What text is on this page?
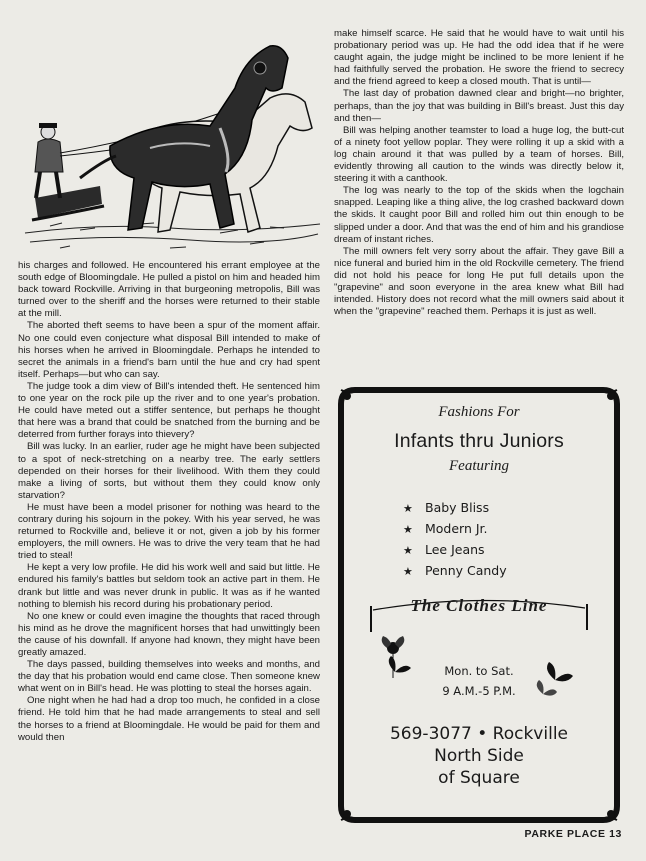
his charges and followed. He encountered his errant employee at the south edge of Bloomingdale. He pulled a pistol on him and headed him back toward Rockville. Arriving in that burgeoning metropolis, Bill was turned over to the sheriff and the horses were returned to their stable at the mill.

The aborted theft seems to have been a spur of the moment affair. No one could even conjecture what disposal Bill intended to make of his horses when he arrived in Bloomingdale. Perhaps he intended to secret the animals in a friend's barn until the hue and cry had spent itself. Perhaps—but who can say.

The judge took a dim view of Bill's intended theft. He sentenced him to one year on the rock pile up the river and to one year's probation. He could have meted out a stiffer sentence, but perhaps he thought that here was a brand that could be snatched from the burning and be deterred from further forays into thievery?

Bill was lucky. In an earlier, ruder age he might have been subjected to a spot of neck-stretching on a nearby tree. The early settlers depended on their horses for their livelihood. With them they could make a living of sorts, but without them they could know only starvation?

He must have been a model prisoner for nothing was heard to the contrary during his sojourn in the pokey. With his year served, he was returned to Rockville and, believe it or not, given a job by his former employers, the mill owners. He was to drive the very team that he had tried to steal!

He kept a very low profile. He did his work well and said but little. He endured his family's battles but seldom took an active part in them. He drank but little and was never drunk in public. It was as if he wanted nothing to blemish his record during his probationary period.

No one knew or could even imagine the thoughts that raced through his mind as he drove the magnificent horses that had unwittingly been the cause of his downfall. If anyone had known, they might have been greatly amazed.

The days passed, building themselves into weeks and months, and the day that his probation would end came close. Then someone knew what went on in Bill's head. He was plotting to steal the horses again.

One night when he had had a drop too much, he confided in a close friend. He told him that he had made arrangements to steal and sell the horses to a friend at Bloomingdale. He would be paid for them and would then

make himself scarce. He said that he would have to wait until his probationary period was up. He had the odd idea that if he were caught again, the judge might be inclined to be more lenient if he had faithfully served the probation. He swore the friend to secrecy and the friend agreed to keep a closed mouth. That is until—

The last day of probation dawned clear and bright—no brighter, perhaps, than the joy that was building in Bill's breast. Just this day and then—

Bill was helping another teamster to load a huge log, the butt-cut of a ninety foot yellow poplar. They were rolling it up a skid with a log chain around it that was pulled by a team of horses. Bill, evidently throwing all caution to the winds was directly below it, steering it with a canthook.

The log was nearly to the top of the skids when the logchain snapped. Leaping like a thing alive, the log crashed backward down the skids. It caught poor Bill and rolled him out thin enough to be slipped under a door. And that was the end of him and his grandiose dream of instant riches.

The mill owners felt very sorry about the affair. They gave Bill a nice funeral and buried him in the old Rockville cemetery. The friend did not hold his peace for long He put full details upon the "grapevine" and soon everyone in the area knew what Bill had intended. History does not record what the mill owners said about it when the "grapevine" reached them. Perhaps it is just as well.

Fashions For
Infants thru Juniors
Featuring
★ Baby Bliss
★ Modern Jr.
★ Lee Jeans
★ Penny Candy
The Clothes Line
Mon. to Sat.
9 A.M.-5 P.M.
569-3077 • Rockville
North Side
of Square
PARKE PLACE 13
